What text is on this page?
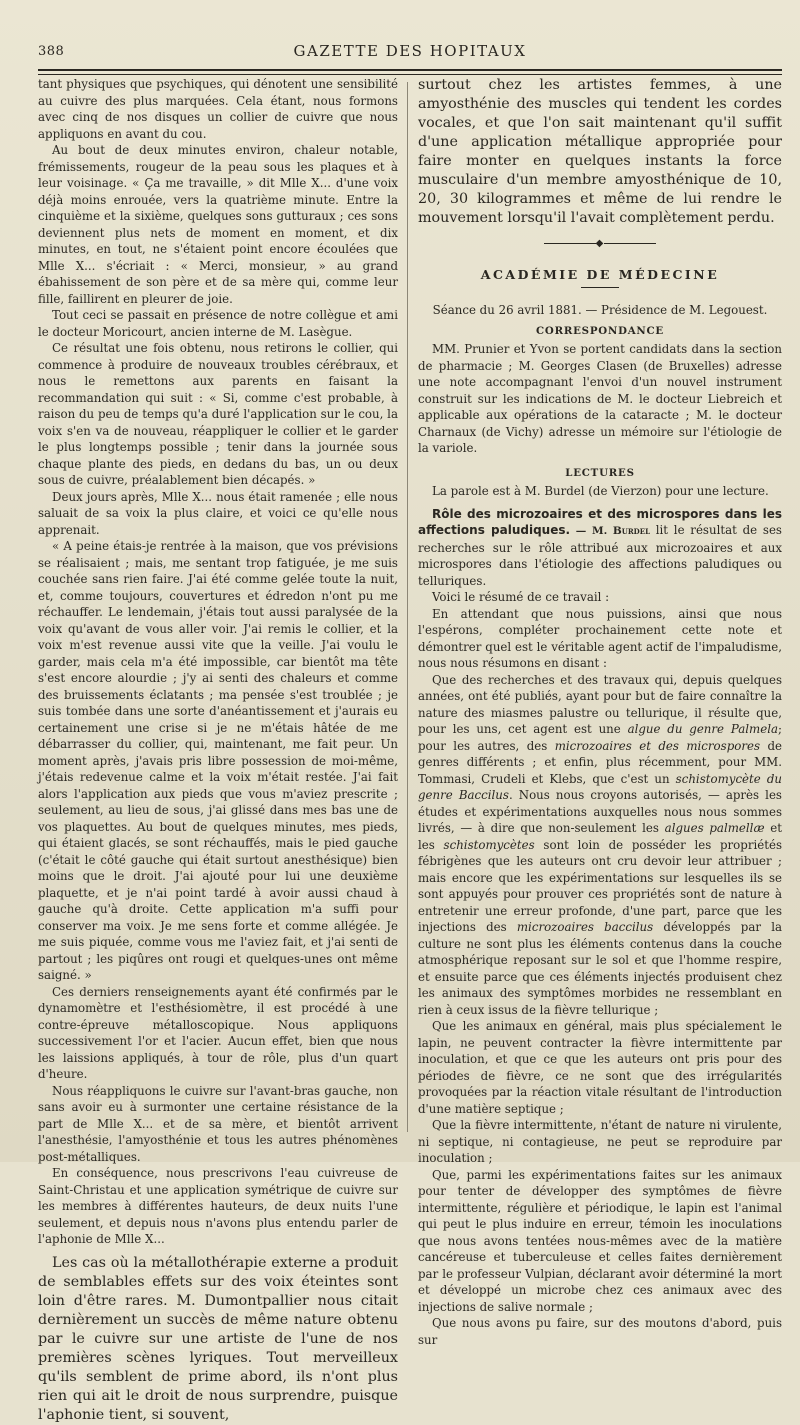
388	GAZETTE DES HOPITAUX

tant physiques que psychiques, qui dénotent une sensibilité au cuivre des plus marquées. Cela étant, nous formons avec cinq de nos disques un collier de cuivre que nous appliquons en avant du cou.

Au bout de deux minutes environ, chaleur notable, frémissements, rougeur de la peau sous les plaques et à leur voisinage. « Ça me travaille, » dit Mlle X... d'une voix déjà moins enrouée, vers la quatrième minute. Entre la cinquième et la sixième, quelques sons gutturaux ; ces sons deviennent plus nets de moment en moment, et dix minutes, en tout, ne s'étaient point encore écoulées que Mlle X... s'écriait : « Merci, monsieur, » au grand ébahissement de son père et de sa mère qui, comme leur fille, faillirent en pleurer de joie.

Tout ceci se passait en présence de notre collègue et ami le docteur Moricourt, ancien interne de M. Lasègue.

Ce résultat une fois obtenu, nous retirons le collier, qui commence à produire de nouveaux troubles cérébraux, et nous le remettons aux parents en faisant la recommandation qui suit : « Si, comme c'est probable, à raison du peu de temps qu'a duré l'application sur le cou, la voix s'en va de nouveau, réappliquer le collier et le garder le plus longtemps possible ; tenir dans la journée sous chaque plante des pieds, en dedans du bas, un ou deux sous de cuivre, préalablement bien décapés. »

Deux jours après, Mlle X... nous était ramenée ; elle nous saluait de sa voix la plus claire, et voici ce qu'elle nous apprenait.

« A peine étais-je rentrée à la maison, que vos prévisions se réalisaient ; mais, me sentant trop fatiguée, je me suis couchée sans rien faire. J'ai été comme gelée toute la nuit, et, comme toujours, couvertures et édredon n'ont pu me réchauffer. Le lendemain, j'étais tout aussi paralysée de la voix qu'avant de vous aller voir. J'ai remis le collier, et la voix m'est revenue aussi vite que la veille. J'ai voulu le garder, mais cela m'a été impossible, car bientôt ma tête s'est encore alourdie ; j'y ai senti des chaleurs et comme des bruissements éclatants ; ma pensée s'est troublée ; je suis tombée dans une sorte d'anéantissement et j'aurais eu certainement une crise si je ne m'étais hâtée de me débarrasser du collier, qui, maintenant, me fait peur. Un moment après, j'avais pris libre possession de moi-même, j'étais redevenue calme et la voix m'était restée. J'ai fait alors l'application aux pieds que vous m'aviez prescrite ; seulement, au lieu de sous, j'ai glissé dans mes bas une de vos plaquettes. Au bout de quelques minutes, mes pieds, qui étaient glacés, se sont réchauffés, mais le pied gauche (c'était le côté gauche qui était surtout anesthésique) bien moins que le droit. J'ai ajouté pour lui une deuxième plaquette, et je n'ai point tardé à avoir aussi chaud à gauche qu'à droite. Cette application m'a suffi pour conserver ma voix. Je me sens forte et comme allégée. Je me suis piquée, comme vous me l'aviez fait, et j'ai senti de partout ; les piqûres ont rougi et quelques-unes ont même saigné. »

Ces derniers renseignements ayant été confirmés par le dynamomètre et l'esthésiomètre, il est procédé à une contre-épreuve métalloscopique. Nous appliquons successivement l'or et l'acier. Aucun effet, bien que nous les laissions appliqués, à tour de rôle, plus d'un quart d'heure.

Nous réappliquons le cuivre sur l'avant-bras gauche, non sans avoir eu à surmonter une certaine résistance de la part de Mlle X... et de sa mère, et bientôt arrivent l'anesthésie, l'amyosthénie et tous les autres phénomènes post-métalliques.

En conséquence, nous prescrivons l'eau cuivreuse de Saint-Christau et une application symétrique de cuivre sur les membres à différentes hauteurs, de deux nuits l'une seulement, et depuis nous n'avons plus entendu parler de l'aphonie de Mlle X...

Les cas où la métallothérapie externe a produit de semblables effets sur des voix éteintes sont loin d'être rares. M. Dumontpallier nous citait dernièrement un succès de même nature obtenu par le cuivre sur une artiste de l'une de nos premières scènes lyriques. Tout merveilleux qu'ils semblent de prime abord, ils n'ont plus rien qui ait le droit de nous surprendre, puisque l'aphonie tient, si souvent,

surtout chez les artistes femmes, à une amyosthénie des muscles qui tendent les cordes vocales, et que l'on sait maintenant qu'il suffit d'une application métallique appropriée pour faire monter en quelques instants la force musculaire d'un membre amyosthénique de 10, 20, 30 kilogrammes et même de lui rendre le mouvement lorsqu'il l'avait complètement perdu.

◆
ACADÉMIE DE MÉDECINE

Séance du 26 avril 1881. — Présidence de M. Legouest.

CORRESPONDANCE

MM. Prunier et Yvon se portent candidats dans la section de pharmacie ; M. Georges Clasen (de Bruxelles) adresse une note accompagnant l'envoi d'un nouvel instrument construit sur les indications de M. le docteur Liebreich et applicable aux opérations de la cataracte ; M. le docteur Charnaux (de Vichy) adresse un mémoire sur l'étiologie de la variole.

LECTURES

La parole est à M. Burdel (de Vierzon) pour une lecture.

Rôle des microzoaires et des microspores dans les affections paludiques. — M. Burdel lit le résultat de ses recherches sur le rôle attribué aux microzoaires et aux microspores dans l'étiologie des affections paludiques ou telluriques.

Voici le résumé de ce travail :

En attendant que nous puissions, ainsi que nous l'espérons, compléter prochainement cette note et démontrer quel est le véritable agent actif de l'impaludisme, nous nous résumons en disant :

Que des recherches et des travaux qui, depuis quelques années, ont été publiés, ayant pour but de faire connaître la nature des miasmes palustre ou tellurique, il résulte que, pour les uns, cet agent est une algue du genre Palmela; pour les autres, des microzoaires et des microspores de genres différents ; et enfin, plus récemment, pour MM. Tommasi, Crudeli et Klebs, que c'est un schistomycète du genre Baccilus. Nous nous croyons autorisés, — après les études et expérimentations auxquelles nous nous sommes livrés, — à dire que non-seulement les algues palmellæ et les schistomycètes sont loin de posséder les propriétés fébrigènes que les auteurs ont cru devoir leur attribuer ; mais encore que les expérimentations sur lesquelles ils se sont appuyés pour prouver ces propriétés sont de nature à entretenir une erreur profonde, d'une part, parce que les injections des microzoaires baccilus développés par la culture ne sont plus les éléments contenus dans la couche atmosphérique reposant sur le sol et que l'homme respire, et ensuite parce que ces éléments injectés produisent chez les animaux des symptômes morbides ne ressemblant en rien à ceux issus de la fièvre tellurique ;

Que les animaux en général, mais plus spécialement le lapin, ne peuvent contracter la fièvre intermittente par inoculation, et que ce que les auteurs ont pris pour des périodes de fièvre, ce ne sont que des irrégularités provoquées par la réaction vitale résultant de l'introduction d'une matière septique ;

Que la fièvre intermittente, n'étant de nature ni virulente, ni septique, ni contagieuse, ne peut se reproduire par inoculation ;

Que, parmi les expérimentations faites sur les animaux pour tenter de développer des symptômes de fièvre intermittente, régulière et périodique, le lapin est l'animal qui peut le plus induire en erreur, témoin les inoculations que nous avons tentées nous-mêmes avec de la matière cancéreuse et tuberculeuse et celles faites dernièrement par le professeur Vulpian, déclarant avoir déterminé la mort et développé un microbe chez ces animaux avec des injections de salive normale ;

Que nous avons pu faire, sur des moutons d'abord, puis sur
